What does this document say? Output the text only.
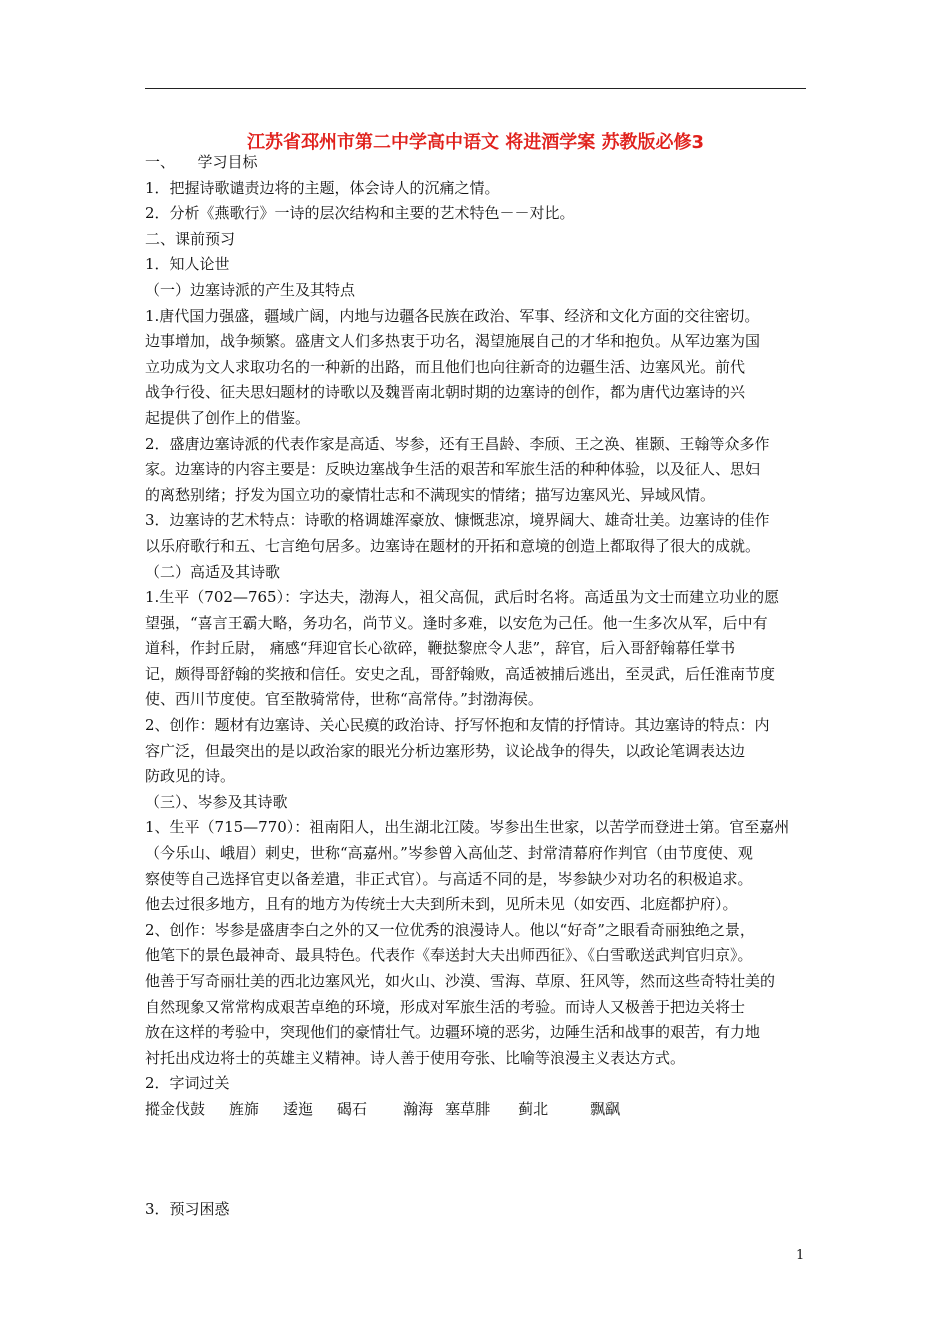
江苏省邳州市第二中学高中语文 将进酒学案 苏教版必修3
一、　　学习目标
1．把握诗歌谴责边将的主题，体会诗人的沉痛之情。
2．分析《燕歌行》一诗的层次结构和主要的艺术特色－－对比。
二、课前预习
1．知人论世
（一）边塞诗派的产生及其特点
1.唐代国力强盛，疆域广阔，内地与边疆各民族在政治、军事、经济和文化方面的交往密切。
边事增加，战争频繁。盛唐文人们多热衷于功名，渴望施展自己的才华和抱负。从军边塞为国
立功成为文人求取功名的一种新的出路，而且他们也向往新奇的边疆生活、边塞风光。前代
战争行役、征夫思妇题材的诗歌以及魏晋南北朝时期的边塞诗的创作，都为唐代边塞诗的兴
起提供了创作上的借鉴。
2．盛唐边塞诗派的代表作家是高适、岑参，还有王昌龄、李颀、王之涣、崔颢、王翰等众多作
家。边塞诗的内容主要是：反映边塞战争生活的艰苦和军旅生活的种种体验，以及征人、思妇
的离愁别绪；抒发为国立功的豪情壮志和不满现实的情绪；描写边塞风光、异域风情。
3．边塞诗的艺术特点：诗歌的格调雄浑豪放、慷慨悲凉，境界阔大、雄奇壮美。边塞诗的佳作
以乐府歌行和五、七言绝句居多。边塞诗在题材的开拓和意境的创造上都取得了很大的成就。
（二）高适及其诗歌
1.生平（702—765）：字达夫，渤海人，祖父高侃，武后时名将。高适虽为文士而建立功业的愿
望强，“喜言王霸大略，务功名，尚节义。逢时多难，以安危为己任。他一生多次从军，后中有
道科，作封丘尉， 痛感“拜迎官长心欲碎，鞭挞黎庶令人悲”，辞官，后入哥舒翰幕任掌书
记，颇得哥舒翰的奖掖和信任。安史之乱，哥舒翰败，高适被捕后逃出，至灵武，后任淮南节度
使、西川节度使。官至散骑常侍，世称“高常侍。”封渤海侯。
2、创作：题材有边塞诗、关心民瘼的政治诗、抒写怀抱和友情的抒情诗。其边塞诗的特点：内
容广泛，但最突出的是以政治家的眼光分析边塞形势，议论战争的得失，以政论笔调表达边
防政见的诗。
（三）、岑参及其诗歌
1、生平（715—770）：祖南阳人，出生湖北江陵。岑参出生世家，以苦学而登进士第。官至嘉州
（今乐山、峨眉）刺史，世称“高嘉州。”岑参曾入高仙芝、封常清幕府作判官（由节度使、观
察使等自己选择官吏以备差遣，非正式官）。与高适不同的是，岑参缺少对功名的积极追求。
他去过很多地方，且有的地方为传统士大夫到所未到，见所未见（如安西、北庭都护府）。
2、创作：岑参是盛唐李白之外的又一位优秀的浪漫诗人。他以“好奇”之眼看奇丽独绝之景，
他笔下的景色最神奇、最具特色。代表作《奉送封大夫出师西征》、《白雪歌送武判官归京》。
他善于写奇丽壮美的西北边塞风光，如火山、沙漠、雪海、草原、狂风等，然而这些奇特壮美的
自然现象又常常构成艰苦卓绝的环境，形成对军旅生活的考验。而诗人又极善于把边关将士
放在这样的考验中，突现他们的豪情壮气。边疆环境的恶劣，边陲生活和战事的艰苦，有力地
衬托出戍边将士的英雄主义精神。诗人善于使用夸张、比喻等浪漫主义表达方式。
2．字词过关
摐金伐鼓 旌旆 逶迤 碣石 瀚海 塞草腓 蓟北	飘飖
3．预习困惑
1
